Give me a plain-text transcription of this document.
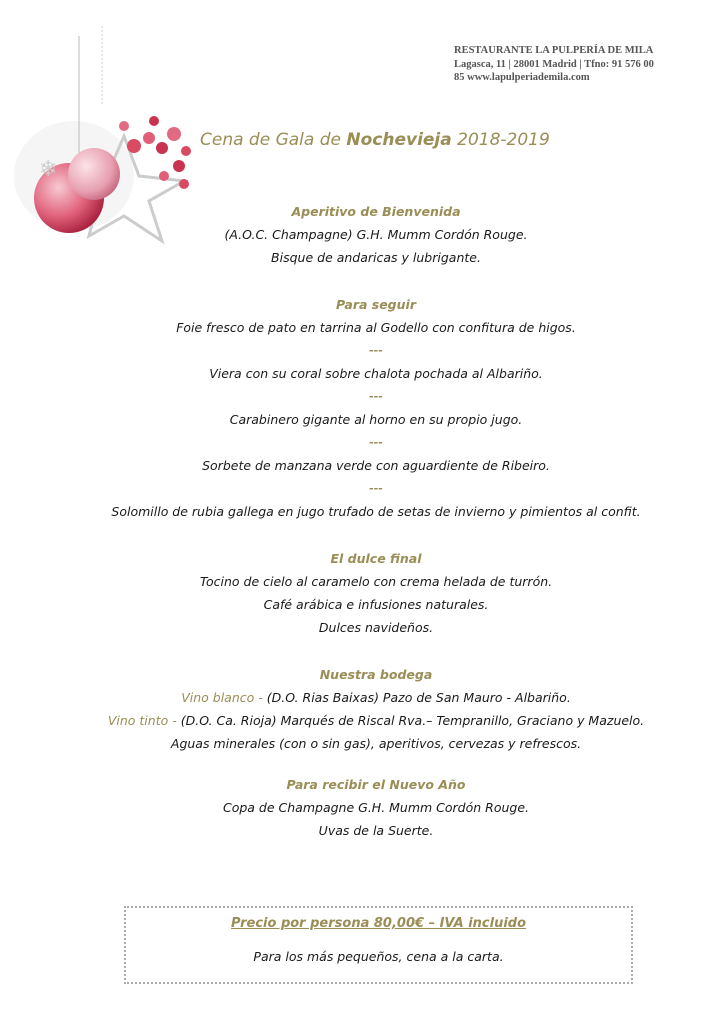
❄
RESTAURANTE LA PULPERÍA DE MILA
Lagasca, 11 | 28001 Madrid | Tfno: 91 576 00
85 www.lapulperiademila.com
Cena de Gala de Nochevieja 2018-2019
Aperitivo de Bienvenida
(A.O.C. Champagne) G.H. Mumm Cordón Rouge.
Bisque de andaricas y lubrigante.
Para seguir
Foie fresco de pato en tarrina al Godello con confitura de higos.
---
Viera con su coral sobre chalota pochada al Albariño.
---
Carabinero gigante al horno en su propio jugo.
---
Sorbete de manzana verde con aguardiente de Ribeiro.
---
Solomillo de rubia gallega en jugo trufado de setas de invierno y pimientos al confit.
El dulce final
Tocino de cielo al caramelo con crema helada de turrón.
Café arábica e infusiones naturales.
Dulces navideños.
Nuestra bodega
Vino blanco - (D.O. Rias Baixas) Pazo de San Mauro - Albariño.
Vino tinto - (D.O. Ca. Rioja) Marqués de Riscal Rva.– Tempranillo, Graciano y Mazuelo.
Aguas minerales (con o sin gas), aperitivos, cervezas y refrescos.
Para recibir el Nuevo Año
Copa de Champagne G.H. Mumm Cordón Rouge.
Uvas de la Suerte.
Precio por persona 80,00€ – IVA incluido
Para los más pequeños, cena a la carta.
